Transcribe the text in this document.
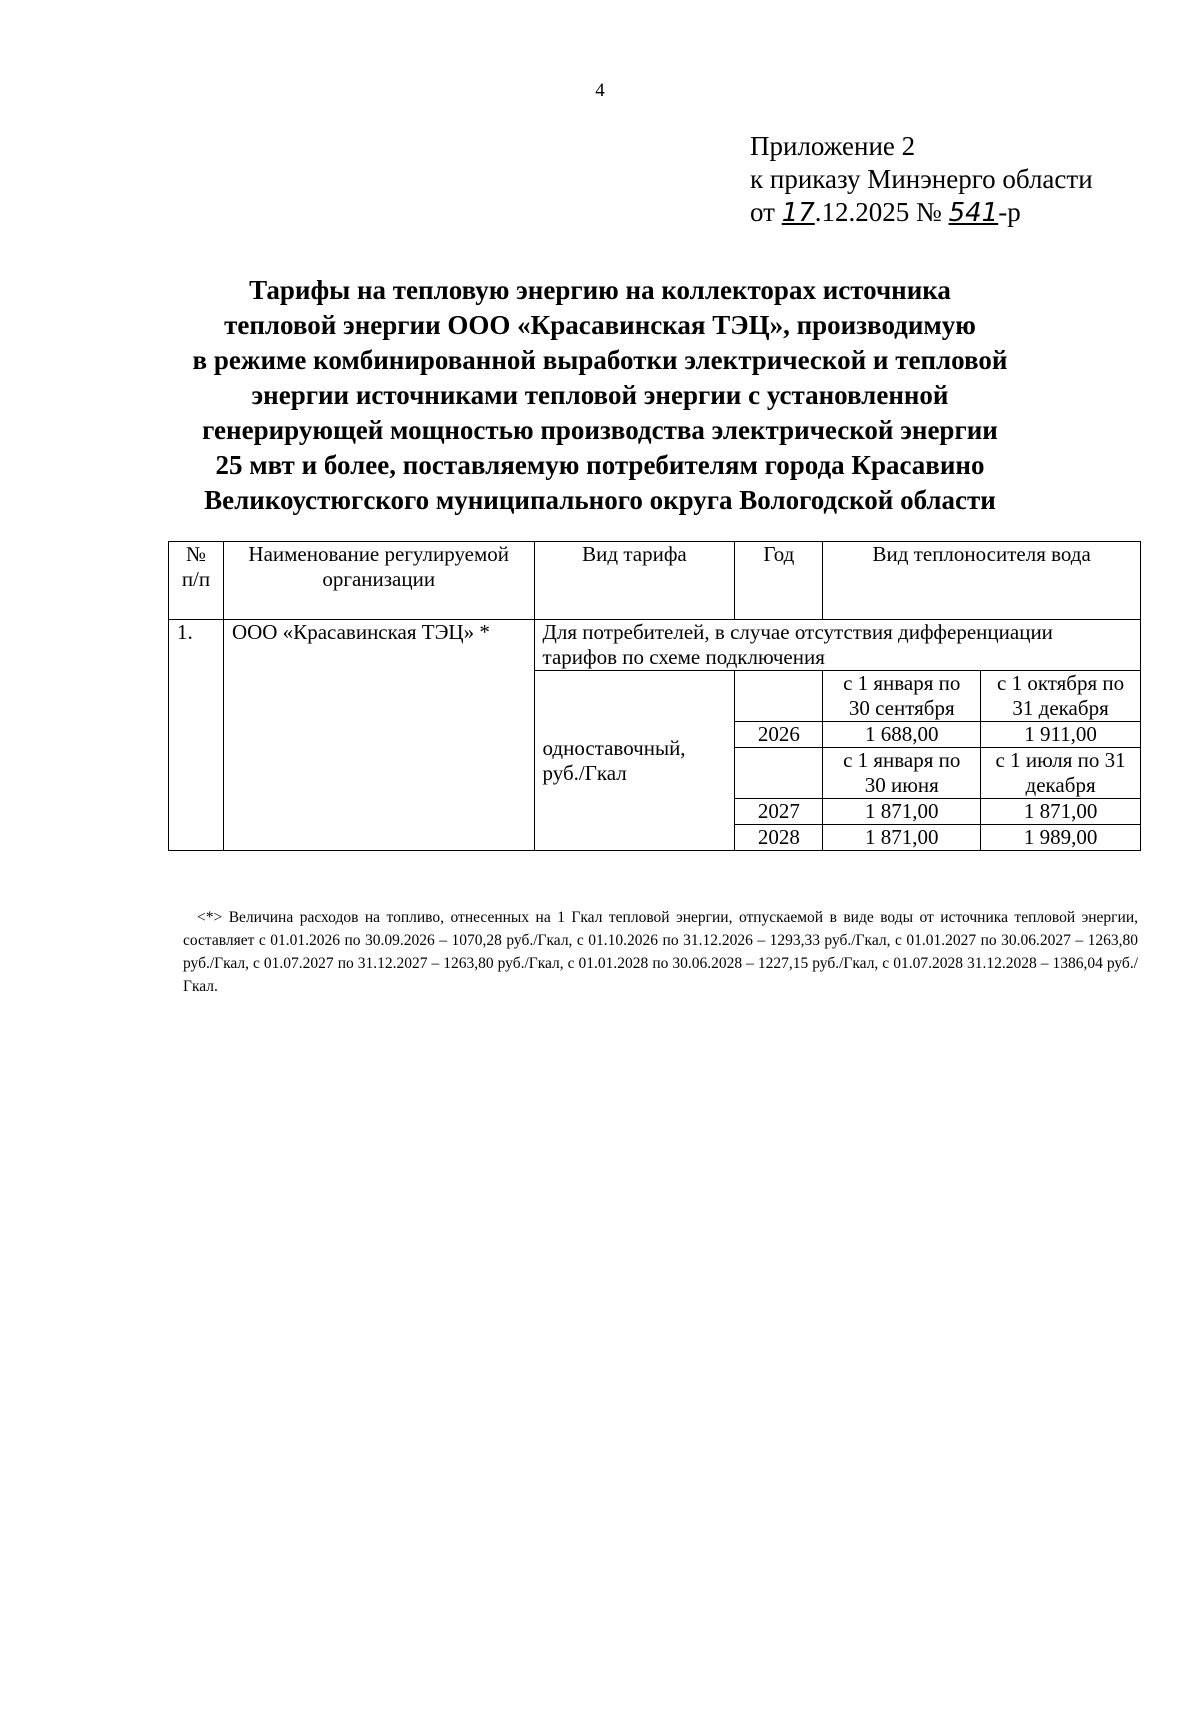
4
Приложение 2
к приказу Минэнерго области
от 17.12.2025 № 541-р
Тарифы на тепловую энергию на коллекторах источника
тепловой энергии ООО «Красавинская ТЭЦ», производимую
в режиме комбинированной выработки электрической и тепловой
энергии источниками тепловой энергии с установленной
генерирующей мощностью производства электрической энергии
25 мвт и более, поставляемую потребителям города Красавино
Великоустюгского муниципального округа Вологодской области
№ п/п	Наименование регулируемой организации	Вид тарифа	Год	Вид теплоносителя вода	
1.	ООО «Красавинская ТЭЦ» *	Для потребителей, в случае отсутствия дифференциации тарифов по схеме подключения			
		одноставочный, руб./Гкал		с 1 января по 30 сентября	с 1 октября по 31 декабря
			2026	1 688,00	1 911,00
				с 1 января по 30 июня	с 1 июля по 31 декабря
			2027	1 871,00	1 871,00
			2028	1 871,00	1 989,00
<*> Величина расходов на топливо, отнесенных на 1 Гкал тепловой энергии, отпускаемой в виде воды от источника тепловой энергии, составляет с 01.01.2026 по 30.09.2026 – 1070,28 руб./Гкал, с 01.10.2026 по 31.12.2026 – 1293,33 руб./Гкал, с 01.01.2027 по 30.06.2027 – 1263,80 руб./Гкал, с 01.07.2027 по 31.12.2027 – 1263,80 руб./Гкал, с 01.01.2028 по 30.06.2028 – 1227,15 руб./Гкал, с 01.07.2028 31.12.2028 – 1386,04 руб./Гкал.
